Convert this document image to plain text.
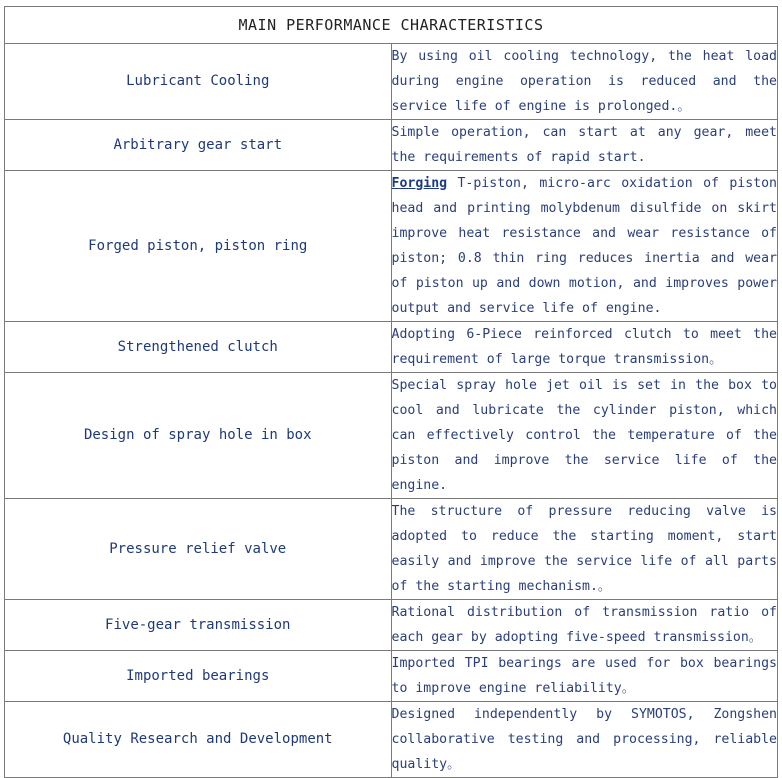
MAIN PERFORMANCE CHARACTERISTICS	
Lubricant Cooling	By using oil cooling technology, the heat load during engine operation is reduced and the service life of engine is prolonged.。
Arbitrary gear start	Simple operation, can start at any gear, meet the requirements of rapid start.
Forged piston, piston ring	Forging T-piston, micro-arc oxidation of piston head and printing molybdenum disulfide on skirt improve heat resistance and wear resistance of piston; 0.8 thin ring reduces inertia and wear of piston up and down motion, and improves power output and service life of engine.
Strengthened clutch	Adopting 6-Piece reinforced clutch to meet the requirement of large torque transmission。
Design of spray hole in box	Special spray hole jet oil is set in the box to cool and lubricate the cylinder piston, which can effectively control the temperature of the piston and improve the service life of the engine.
Pressure relief valve	The structure of pressure reducing valve is adopted to reduce the starting moment, start easily and improve the service life of all parts of the starting mechanism.。
Five-gear transmission	Rational distribution of transmission ratio of each gear by adopting five-speed transmission。
Imported bearings	Imported TPI bearings are used for box bearings to improve engine reliability。
Quality Research and Development	Designed independently by SYMOTOS, Zongshen collaborative testing and processing, reliable quality。
